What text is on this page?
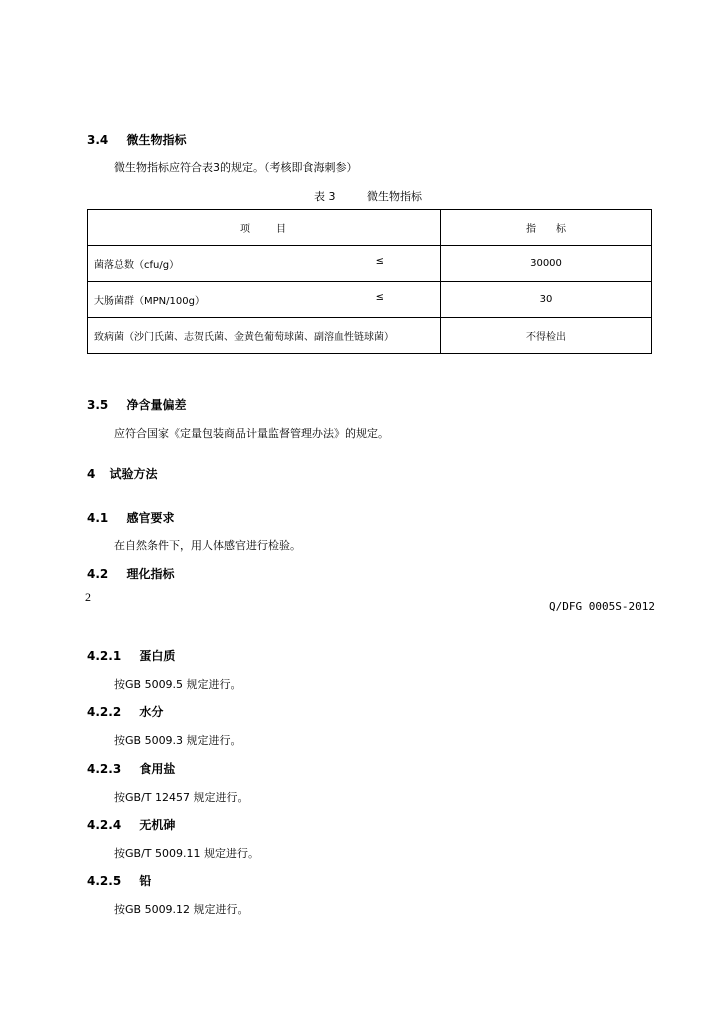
3.4 微生物指标
微生物指标应符合表3的规定。（考核即食海刺参）
表 3	微生物指标
项　　目	指　　标
菌落总数（cfu/g） ≤	30000
大肠菌群（MPN/100g） ≤	30
致病菌（沙门氏菌、志贺氏菌、金黄色葡萄球菌、副溶血性链球菌）	不得检出
3.5 净含量偏差
应符合国家《定量包装商品计量监督管理办法》的规定。
4 试验方法
4.1 感官要求
在自然条件下，用人体感官进行检验。
4.2 理化指标
2
Q/DFG 0005S-2012
4.2.1 蛋白质
按GB 5009.5 规定进行。
4.2.2 水分
按GB 5009.3 规定进行。
4.2.3 食用盐
按GB/T 12457 规定进行。
4.2.4 无机砷
按GB/T 5009.11 规定进行。
4.2.5 铅
按GB 5009.12 规定进行。
